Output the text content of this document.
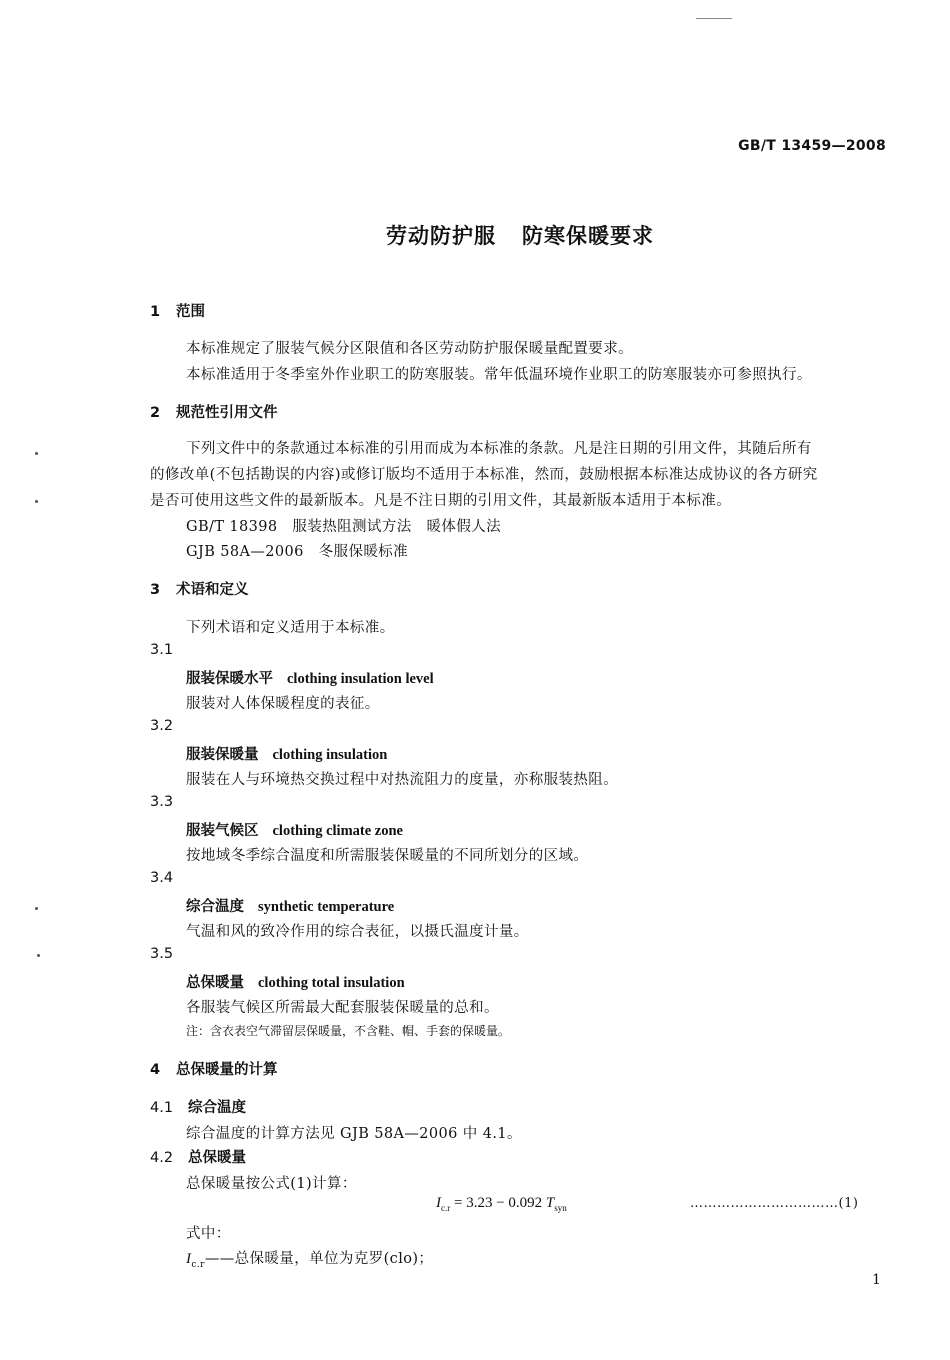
GB/T 13459—2008
劳动防护服 防寒保暖要求
1 范围
本标准规定了服装气候分区限值和各区劳动防护服保暖量配置要求。
本标准适用于冬季室外作业职工的防寒服装。常年低温环境作业职工的防寒服装亦可参照执行。
2 规范性引用文件
下列文件中的条款通过本标准的引用而成为本标准的条款。凡是注日期的引用文件，其随后所有
的修改单(不包括勘误的内容)或修订版均不适用于本标准，然而，鼓励根据本标准达成协议的各方研究
是否可使用这些文件的最新版本。凡是不注日期的引用文件，其最新版本适用于本标准。
GB/T 18398　服装热阻测试方法　暖体假人法
GJB 58A—2006　冬服保暖标准
3 术语和定义
下列术语和定义适用于本标准。
3.1
服装保暖水平 clothing insulation level
服装对人体保暖程度的表征。
3.2
服装保暖量 clothing insulation
服装在人与环境热交换过程中对热流阻力的度量，亦称服装热阻。
3.3
服装气候区 clothing climate zone
按地域冬季综合温度和所需服装保暖量的不同所划分的区域。
3.4
综合温度 synthetic temperature
气温和风的致冷作用的综合表征，以摄氏温度计量。
3.5
总保暖量 clothing total insulation
各服装气候区所需最大配套服装保暖量的总和。
注：含衣表空气滞留层保暖量，不含鞋、帽、手套的保暖量。
4 总保暖量的计算
4.1 综合温度
综合温度的计算方法见 GJB 58A—2006 中 4.1。
4.2 总保暖量
总保暖量按公式(1)计算：
$I_{c.r} = 3.23 - 0.092$ $T_{syn}$	……………………………(1)
式中：
$I_{c.r}——$总保暖量，单位为克罗(clo)；
1
